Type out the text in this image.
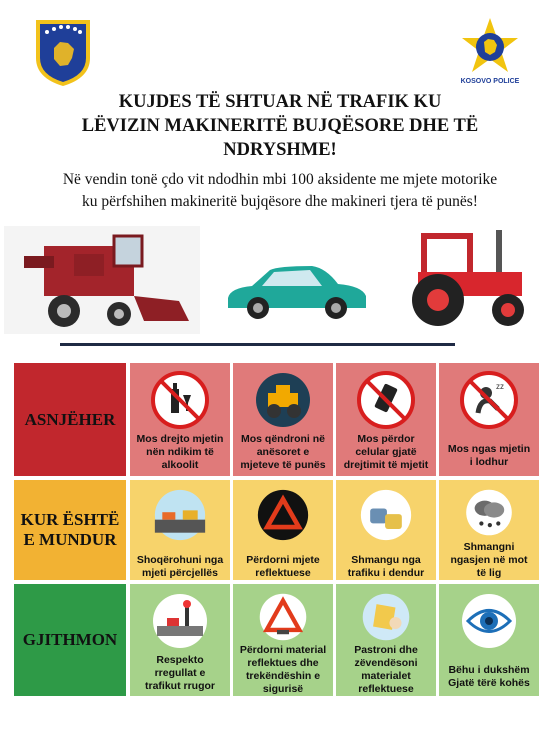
KOSOVO POLICE
KUJDES TË SHTUAR NË TRAFIK KU
LËVIZIN MAKINERITË BUJQËSORE DHE TË
NDRYSHME!
Në vendin tonë çdo vit ndodhin mbi 100 aksidente me mjete motorike
ku përfshihen makineritë bujqësore dhe makineri tjera të punës!
ASNJËHER
Mos drejto mjetin
nën ndikim të
alkoolit
Mos qëndroni në
anësoret e
mjeteve të punës
Mos përdor
celular gjatë
drejtimit të mjetit
zz
Mos ngas mjetin
i lodhur
KUR ËSHTË
E MUNDUR
Shoqërohuni nga
mjeti përcjellës
Përdorni mjete
reflektuese
Shmangu nga
trafiku i dendur
Shmangni
ngasjen në mot
të lig
GJITHMON
Respekto
rregullat e
trafikut rrugor
Përdorni material
reflektues dhe
trekëndëshin e
sigurisë
Pastroni dhe
zëvendësoni
materialet
reflektuese
Bëhu i dukshëm
Gjatë tërë kohës
